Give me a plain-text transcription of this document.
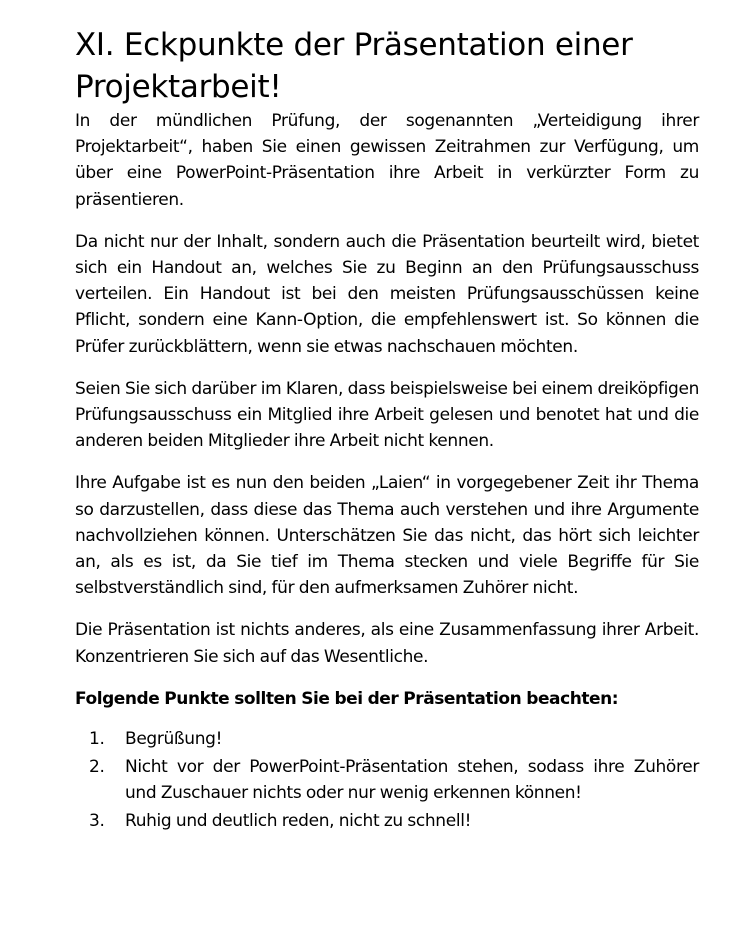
XI. Eckpunkte der Präsentation einer Projektarbeit!

In der mündlichen Prüfung, der sogenannten „Verteidigung ihrer Projektarbeit“, haben Sie einen gewissen Zeitrahmen zur Verfügung, um über eine PowerPoint-Präsentation ihre Arbeit in verkürzter Form zu präsentieren.

Da nicht nur der Inhalt, sondern auch die Präsentation beurteilt wird, bietet sich ein Handout an, welches Sie zu Beginn an den Prüfungsausschuss verteilen. Ein Handout ist bei den meisten Prüfungsausschüssen keine Pflicht, sondern eine Kann-Option, die empfehlenswert ist. So können die Prüfer zurückblättern, wenn sie etwas nachschauen möchten.

Seien Sie sich darüber im Klaren, dass beispielsweise bei einem dreiköpfigen Prüfungsausschuss ein Mitglied ihre Arbeit gelesen und benotet hat und die anderen beiden Mitglieder ihre Arbeit nicht kennen.

Ihre Aufgabe ist es nun den beiden „Laien“ in vorgegebener Zeit ihr Thema so darzustellen, dass diese das Thema auch verstehen und ihre Argumente nachvollziehen können. Unterschätzen Sie das nicht, das hört sich leichter an, als es ist, da Sie tief im Thema stecken und viele Begriffe für Sie selbstverständlich sind, für den aufmerksamen Zuhörer nicht.

Die Präsentation ist nichts anderes, als eine Zusammenfassung ihrer Arbeit. Konzentrieren Sie sich auf das Wesentliche.

Folgende Punkte sollten Sie bei der Präsentation beachten:

1. Begrüßung!
2. Nicht vor der PowerPoint-Präsentation stehen, sodass ihre Zuhörer und Zuschauer nichts oder nur wenig erkennen können!
3. Ruhig und deutlich reden, nicht zu schnell!
